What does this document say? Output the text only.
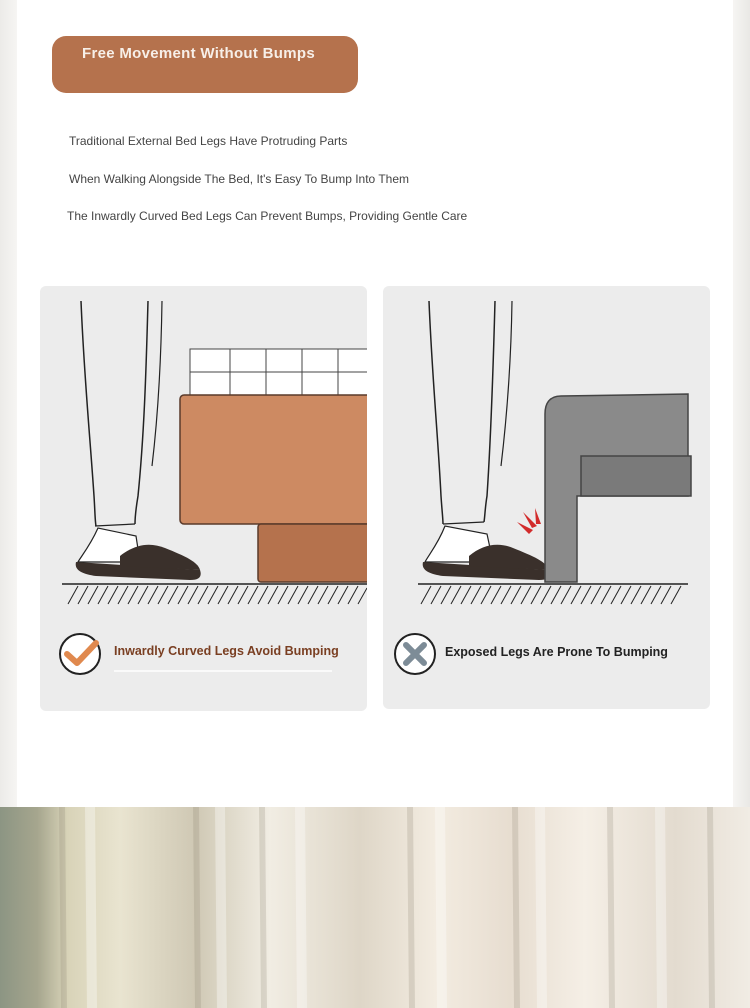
Free Movement Without Bumps
Traditional External Bed Legs Have Protruding Parts
When Walking Alongside The Bed, It's Easy To Bump Into Them
The Inwardly Curved Bed Legs Can Prevent Bumps, Providing Gentle Care
Inwardly Curved Legs Avoid Bumping	Exposed Legs Are Prone To Bumping
